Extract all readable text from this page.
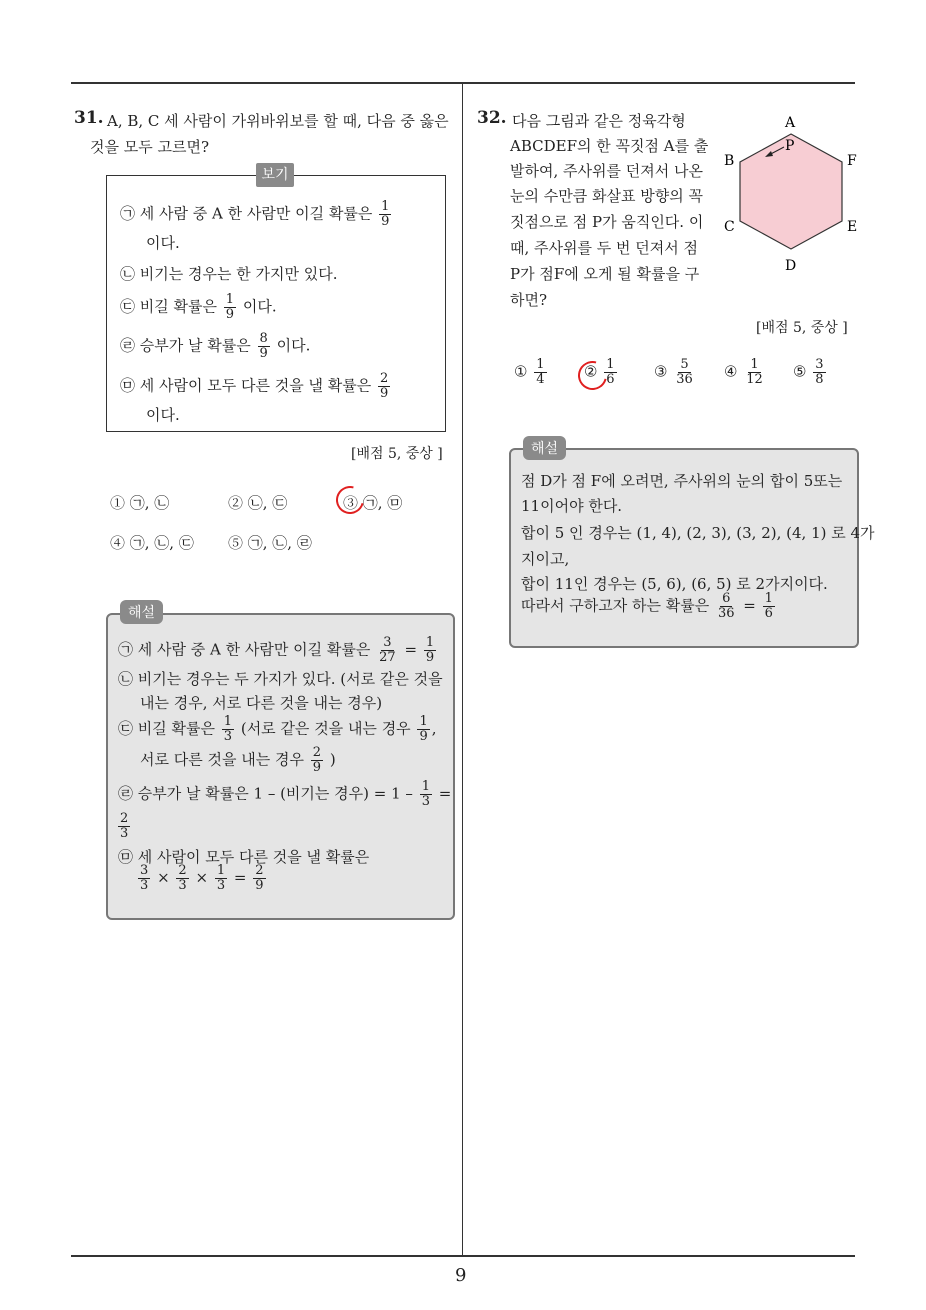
31. A, B, C 세 사람이 가위바위보를 할 때, 다음 중 옳은
것을 모두 고르면?
보기
㉠ 세 사람 중 A 한 사람만 이길 확률은 $\frac{1}{9}$
이다.
㉡ 비기는 경우는 한 가지만 있다.
㉢ 비길 확률은 $\frac{1}{9}$ 이다.
㉣ 승부가 날 확률은 $\frac{8}{9}$ 이다.
㉤ 세 사람이 모두 다른 것을 낼 확률은 $\frac{2}{9}$
이다.
[배점 5, 중상 ]
① ㉠, ㉡	② ㉡, ㉢	③ ㉠, ㉤
④ ㉠, ㉡, ㉢ ⑤ ㉠, ㉡, ㉣
해설
㉠ 세 사람 중 A 한 사람만 이길 확률은 $\frac{3}{27} = \frac{1}{9}$
㉡ 비기는 경우는 두 가지가 있다. (서로 같은 것을
내는 경우, 서로 다른 것을 내는 경우)
㉢ 비길 확률은 $\frac{1}{3}$ (서로 같은 것을 내는 경우 $\frac{1}{9}$ ,
서로 다른 것을 내는 경우 $\frac{2}{9}$ )
㉣ 승부가 날 확률은 1 – (비기는 경우) = $1 - \frac{1}{3}$ =
$\frac{2}{3}$
㉤ 세 사람이 모두 다른 것을 낼 확률은
$\frac{3}{3} \times \frac{2}{3} \times \frac{1}{3} = \frac{2}{9}$
32. 다음 그림과 같은 정육각형
ABCDEF의 한 꼭짓점 A를 출
발하여, 주사위를 던져서 나온
눈의 수만큼 화살표 방향의 꼭
짓점으로 점 P가 움직인다. 이
때, 주사위를 두 번 던져서 점
P가 점F에 오게 될 확률을 구
하면?
A
P
B	F
C	E
D
[배점 5, 중상 ]
① $\frac{1}{4}$ ② $\frac{1}{6}$ ③ $\frac{5}{36}$ ④ $\frac{1}{12}$ ⑤ $\frac{3}{8}$
해설
점 D가 점 F에 오려면, 주사위의 눈의 합이 5또는
11이어야 한다.
합이 5 인 경우는 (1, 4), (2, 3), (3, 2), (4, 1) 로 4가
지이고,
합이 11인 경우는 (5, 6), (6, 5) 로 2가지이다.
따라서 구하고자 하는 확률은 $\frac{6}{36} = \frac{1}{6}$
9
